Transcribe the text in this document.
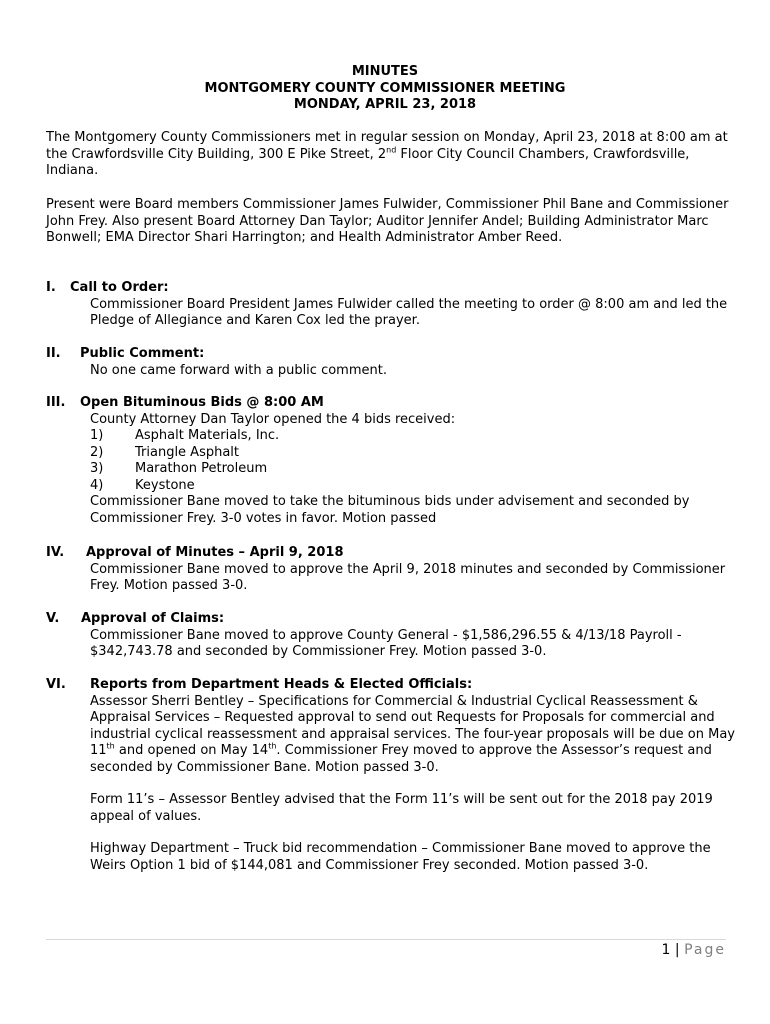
MINUTES
MONTGOMERY COUNTY COMMISSIONER MEETING
MONDAY, APRIL 23, 2018
The Montgomery County Commissioners met in regular session on Monday, April 23, 2018 at 8:00 am at the Crawfordsville City Building, 300 E Pike Street, 2nd Floor City Council Chambers, Crawfordsville, Indiana.
Present were Board members Commissioner James Fulwider, Commissioner Phil Bane and Commissioner John Frey. Also present Board Attorney Dan Taylor; Auditor Jennifer Andel; Building Administrator Marc Bonwell; EMA Director Shari Harrington; and Health Administrator Amber Reed.
I. Call to Order:
Commissioner Board President James Fulwider called the meeting to order @ 8:00 am and led the Pledge of Allegiance and Karen Cox led the prayer.
II. Public Comment:
No one came forward with a public comment.
III. Open Bituminous Bids @ 8:00 AM
County Attorney Dan Taylor opened the 4 bids received:
1) Asphalt Materials, Inc.
2) Triangle Asphalt
3) Marathon Petroleum
4) Keystone
Commissioner Bane moved to take the bituminous bids under advisement and seconded by Commissioner Frey. 3-0 votes in favor. Motion passed
IV. Approval of Minutes – April 9, 2018
Commissioner Bane moved to approve the April 9, 2018 minutes and seconded by Commissioner Frey. Motion passed 3-0.
V. Approval of Claims:
Commissioner Bane moved to approve County General - $1,586,296.55 & 4/13/18 Payroll - $342,743.78 and seconded by Commissioner Frey. Motion passed 3-0.
VI. Reports from Department Heads & Elected Officials:
Assessor Sherri Bentley – Specifications for Commercial & Industrial Cyclical Reassessment & Appraisal Services – Requested approval to send out Requests for Proposals for commercial and industrial cyclical reassessment and appraisal services. The four-year proposals will be due on May 11th and opened on May 14th. Commissioner Frey moved to approve the Assessor’s request and seconded by Commissioner Bane. Motion passed 3-0.
Form 11’s – Assessor Bentley advised that the Form 11’s will be sent out for the 2018 pay 2019 appeal of values.
Highway Department – Truck bid recommendation – Commissioner Bane moved to approve the Weirs Option 1 bid of $144,081 and Commissioner Frey seconded. Motion passed 3-0.
1 | Page
